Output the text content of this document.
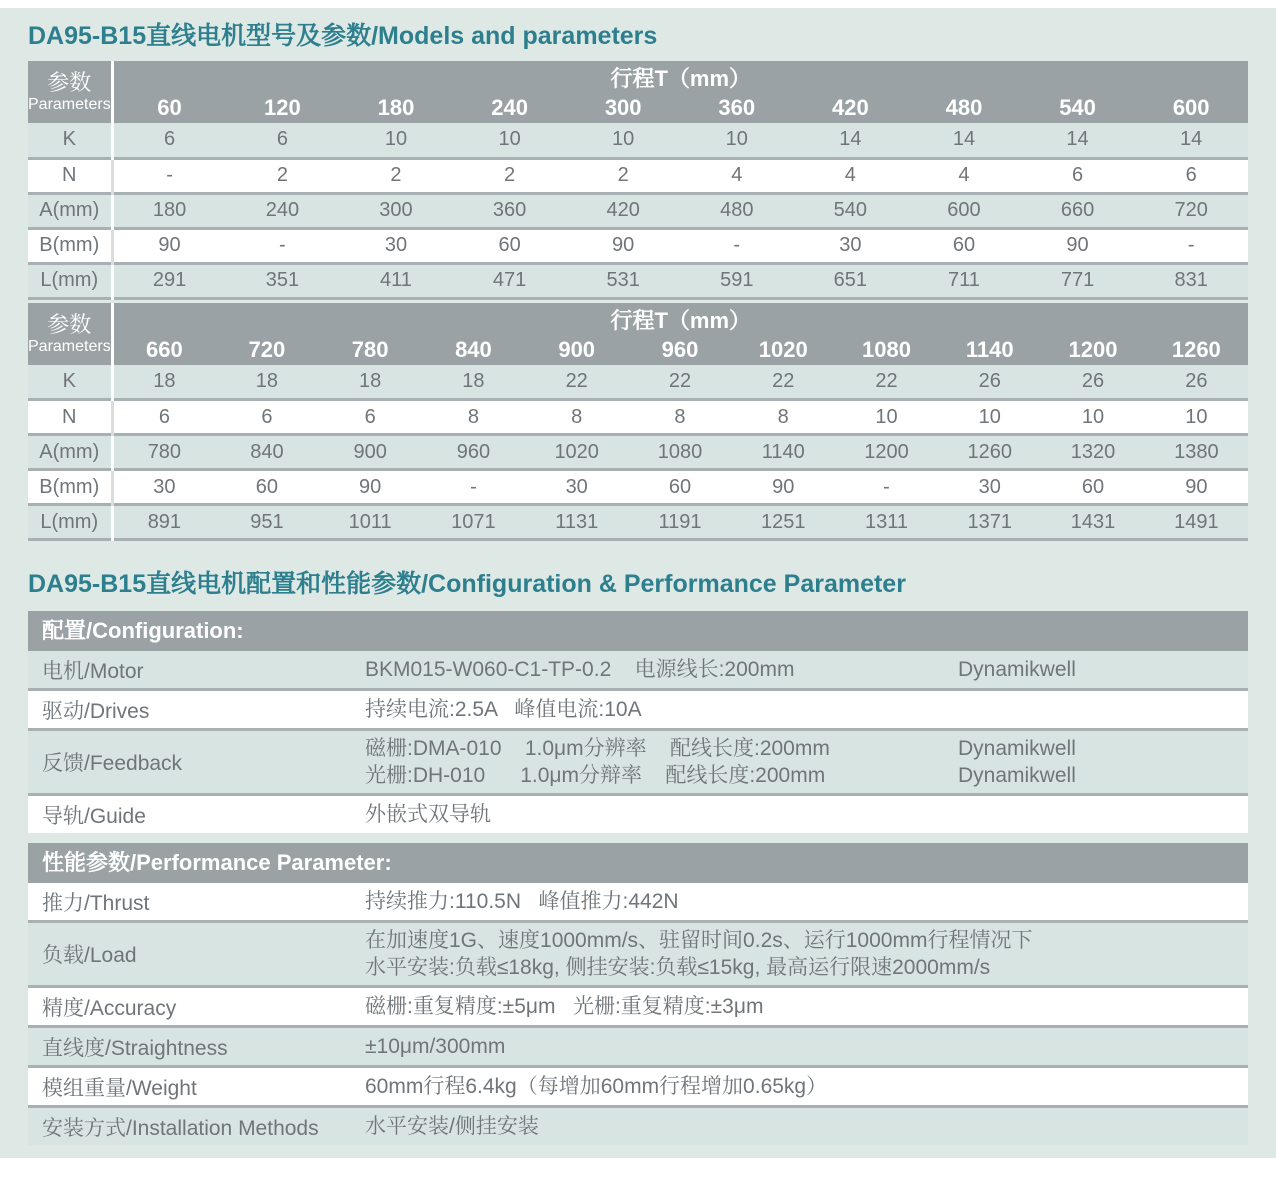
DA95-B15直线电机型号及参数/Models and parameters
参数
Parameters	行程T（mm）									
	60	120	180	240	300	360	420	480	540	600
K	6	6	10	10	10	10	14	14	14	14
N	-	2	2	2	2	4	4	4	6	6
A(mm)	180	240	300	360	420	480	540	600	660	720
B(mm)	90	-	30	60	90	-	30	60	90	-
L(mm)	291	351	411	471	531	591	651	711	771	831
参数
Parameters	行程T（mm）										
	660	720	780	840	900	960	1020	1080	1140	1200	1260
K	18	18	18	18	22	22	22	22	26	26	26
N	6	6	6	8	8	8	8	10	10	10	10
A(mm)	780	840	900	960	1020	1080	1140	1200	1260	1320	1380
B(mm)	30	60	90	-	30	60	90	-	30	60	90
L(mm)	891	951	1011	1071	1131	1191	1251	1311	1371	1431	1491
DA95-B15直线电机配置和性能参数/Configuration & Performance Parameter
配置/Configuration:
电机/Motor	BKM015-W060-C1-TP-0.2    电源线长:200mm	Dynamikwell
驱动/Drives	持续电流:2.5A   峰值电流:10A
反馈/Feedback
磁栅:DMA-010    1.0μm分辨率    配线长度:200mm	Dynamikwell
光栅:DH-010      1.0μm分辩率    配线长度:200mm	Dynamikwell
导轨/Guide	外嵌式双导轨
性能参数/Performance Parameter:
推力/Thrust	持续推力:110.5N   峰值推力:442N
负载/Load
在加速度1G、速度1000mm/s、驻留时间0.2s、运行1000mm行程情况下
水平安装:负载≤18kg, 侧挂安装:负载≤15kg, 最高运行限速2000mm/s
精度/Accuracy	磁栅:重复精度:±5μm   光栅:重复精度:±3μm
直线度/Straightness	±10μm/300mm
模组重量/Weight	60mm行程6.4kg（每增加60mm行程增加0.65kg）
安装方式/Installation Methods	水平安装/侧挂安装
